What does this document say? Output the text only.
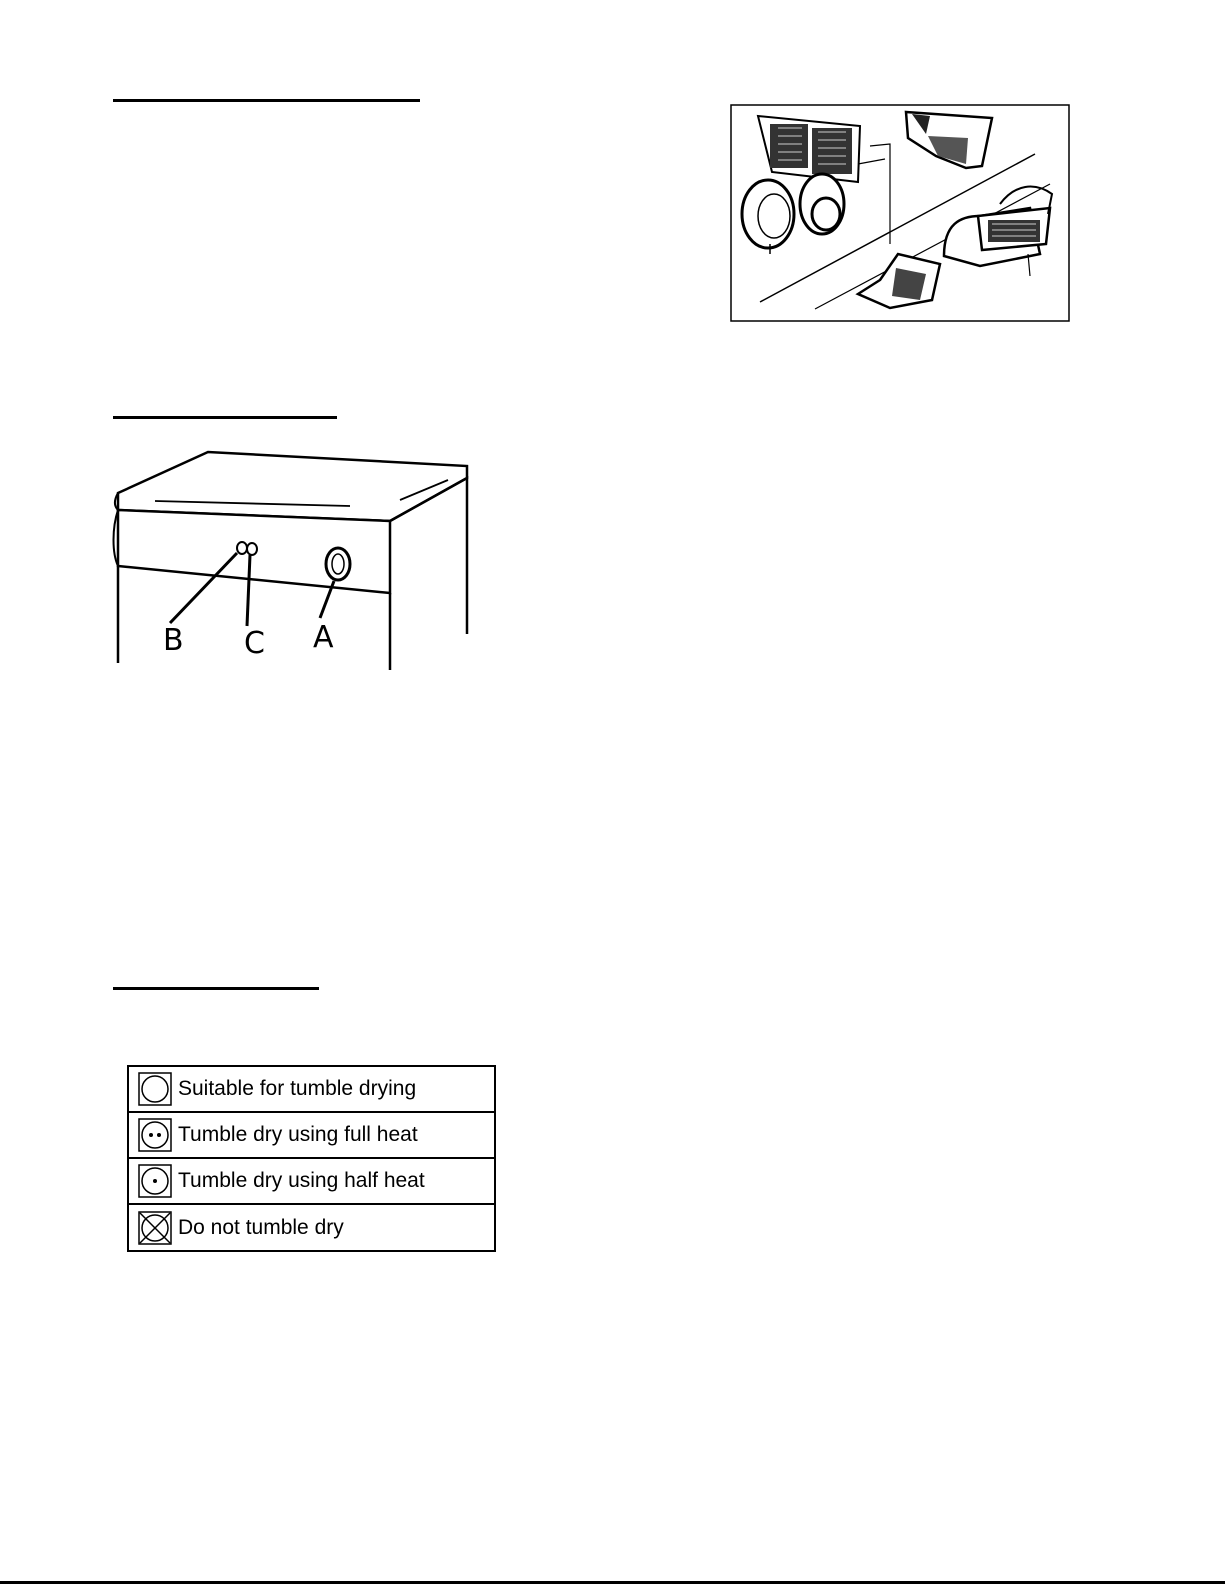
B C A
Suitable for tumble drying
Tumble dry using full heat
Tumble dry using half heat
Do not tumble dry
